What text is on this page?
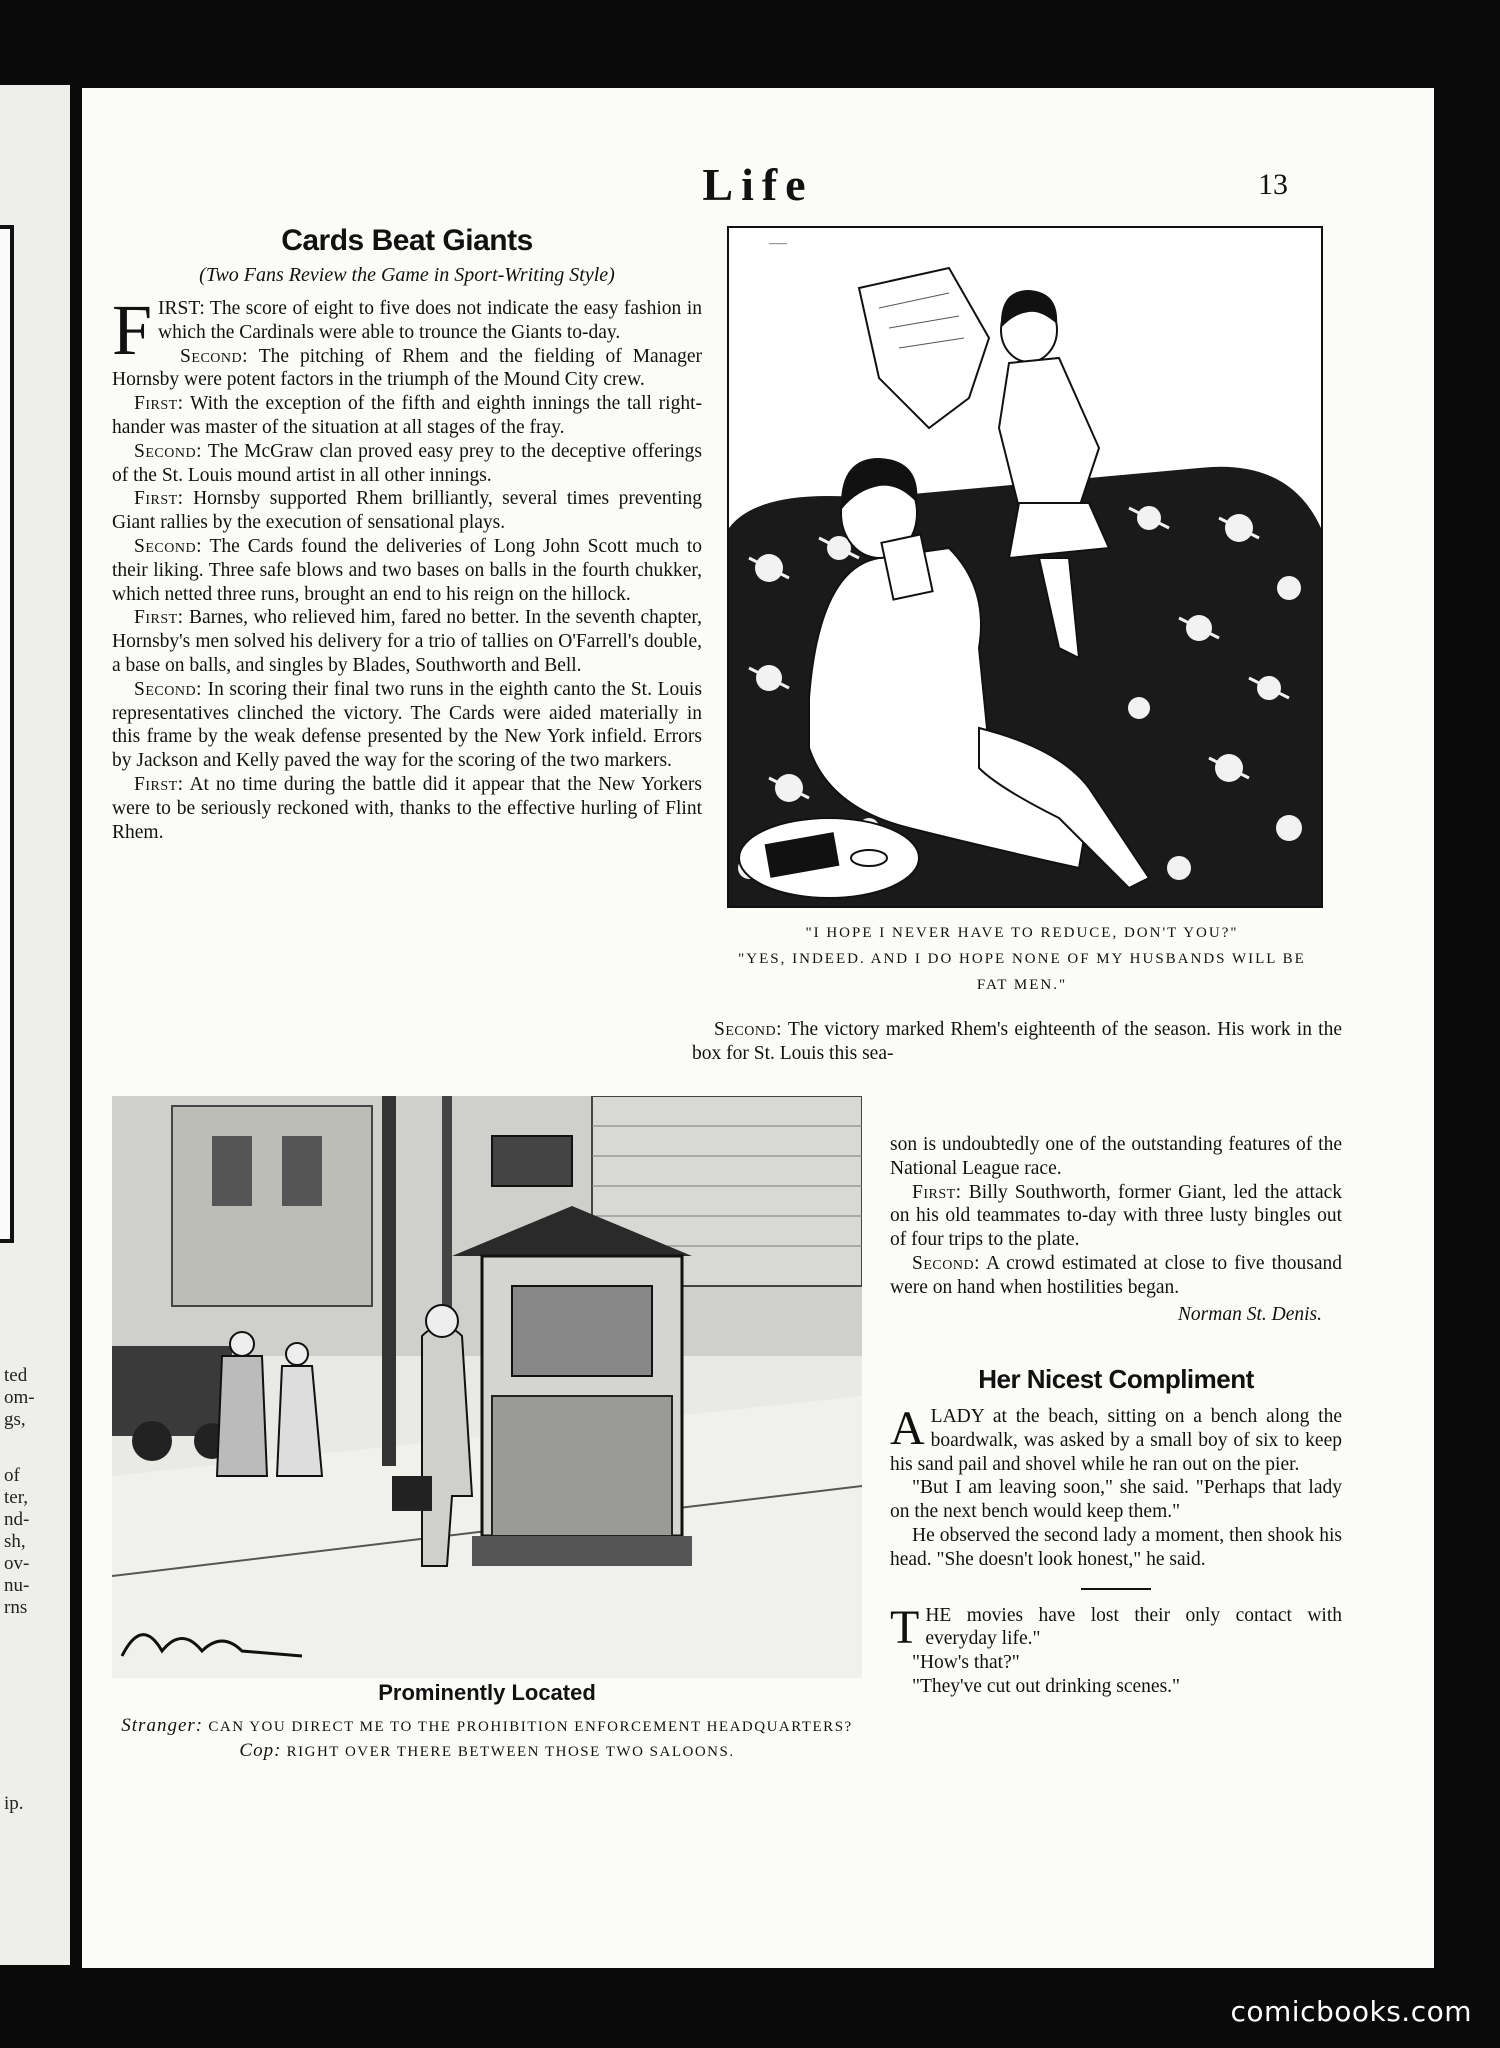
ted
om-
gs,
of
ter,
nd-
sh,
ov-
nu-
rns
ip.
Life	13
Cards Beat Giants
(Two Fans Review the Game in Sport-Writing Style)

FIRST: The score of eight to five does not indicate the easy fashion in which the Cardinals were able to trounce the Giants to-day.

Second: The pitching of Rhem and the fielding of Manager Hornsby were potent factors in the triumph of the Mound City crew.

First: With the exception of the fifth and eighth innings the tall right-hander was master of the situation at all stages of the fray.

Second: The McGraw clan proved easy prey to the deceptive offerings of the St. Louis mound artist in all other innings.

First: Hornsby supported Rhem brilliantly, several times preventing Giant rallies by the execution of sensational plays.

Second: The Cards found the deliveries of Long John Scott much to their liking. Three safe blows and two bases on balls in the fourth chukker, which netted three runs, brought an end to his reign on the hillock.

First: Barnes, who relieved him, fared no better. In the seventh chapter, Hornsby's men solved his delivery for a trio of tallies on O'Farrell's double, a base on balls, and singles by Blades, Southworth and Bell.

Second: In scoring their final two runs in the eighth canto the St. Louis representatives clinched the victory. The Cards were aided materially in this frame by the weak defense presented by the New York infield. Errors by Jackson and Kelly paved the way for the scoring of the two markers.

First: At no time during the battle did it appear that the New Yorkers were to be seriously reckoned with, thanks to the effective hurling of Flint Rhem.

——
"I HOPE I NEVER HAVE TO REDUCE, DON'T YOU?"
"YES, INDEED. AND I DO HOPE NONE OF MY HUSBANDS WILL BE FAT MEN."

Second: The victory marked Rhem's eighteenth of the season. His work in the box for St. Louis this sea-

son is undoubtedly one of the outstanding features of the National League race.

First: Billy Southworth, former Giant, led the attack on his old teammates to-day with three lusty bingles out of four trips to the plate.

Second: A crowd estimated at close to five thousand were on hand when hostilities began.

Norman St. Denis.
Prominently Located
Stranger: CAN YOU DIRECT ME TO THE PROHIBITION ENFORCEMENT HEADQUARTERS?
Cop: RIGHT OVER THERE BETWEEN THOSE TWO SALOONS.
Her Nicest Compliment

ALADY at the beach, sitting on a bench along the boardwalk, was asked by a small boy of six to keep his sand pail and shovel while he ran out on the pier.

"But I am leaving soon," she said. "Perhaps that lady on the next bench would keep them."

He observed the second lady a moment, then shook his head. "She doesn't look honest," he said.

THE movies have lost their only contact with everyday life."

"How's that?"

"They've cut out drinking scenes."

comicbooks.com
